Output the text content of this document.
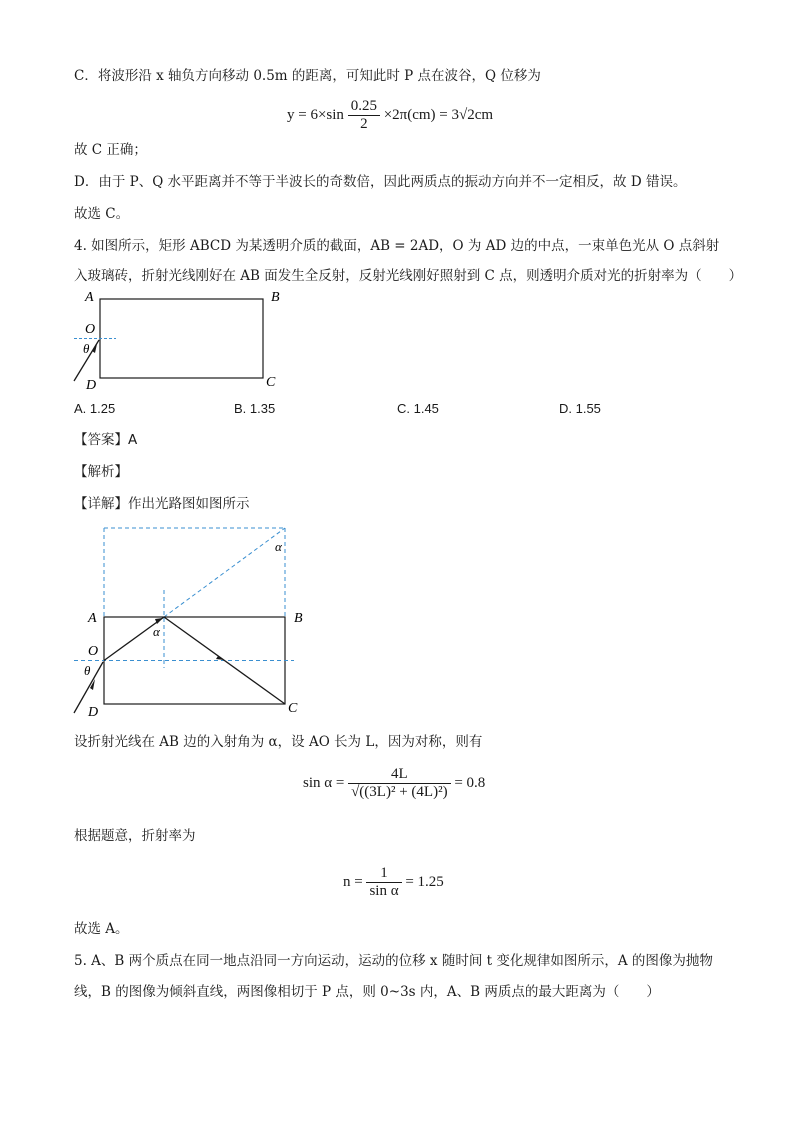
C．将波形沿 x 轴负方向移动 0.5m 的距离，可知此时 P 点在波谷，Q 位移为
$y = 6\times\sin \frac{0.25}{2} \times 2\pi(cm) = 3√2cm$
故 C 正确；
D．由于 P、Q 水平距离并不等于半波长的奇数倍，因此两质点的振动方向并不一定相反，故 D 错误。
故选 C。
4. 如图所示，矩形 ABCD 为某透明介质的截面，AB = 2AD，O 为 AD 边的中点，一束单色光从 O 点斜射
入玻璃砖，折射光线刚好在 AB 面发生全反射，反射光线刚好照射到 C 点，则透明介质对光的折射率为（　　）
A	B
C
D
O
θ
A. 1.25	B. 1.35	C. 1.45	D. 1.55
【答案】A
【解析】
【详解】作出光路图如图所示
A	B
C
D
O
θ
α
α
设折射光线在 AB 边的入射角为 α，设 AO 长为 L，因为对称，则有
$\sin \alpha = \frac{4L}{\text{√((3L)² + (4L)²)}} = 0.8$
根据题意，折射率为
$n = \frac{1}{\text{sin α}} = 1.25$
故选 A。
5. A、B 两个质点在同一地点沿同一方向运动，运动的位移 x 随时间 t 变化规律如图所示，A 的图像为抛物
线，B 的图像为倾斜直线，两图像相切于 P 点，则 0~3s 内，A、B 两质点的最大距离为（　　）
